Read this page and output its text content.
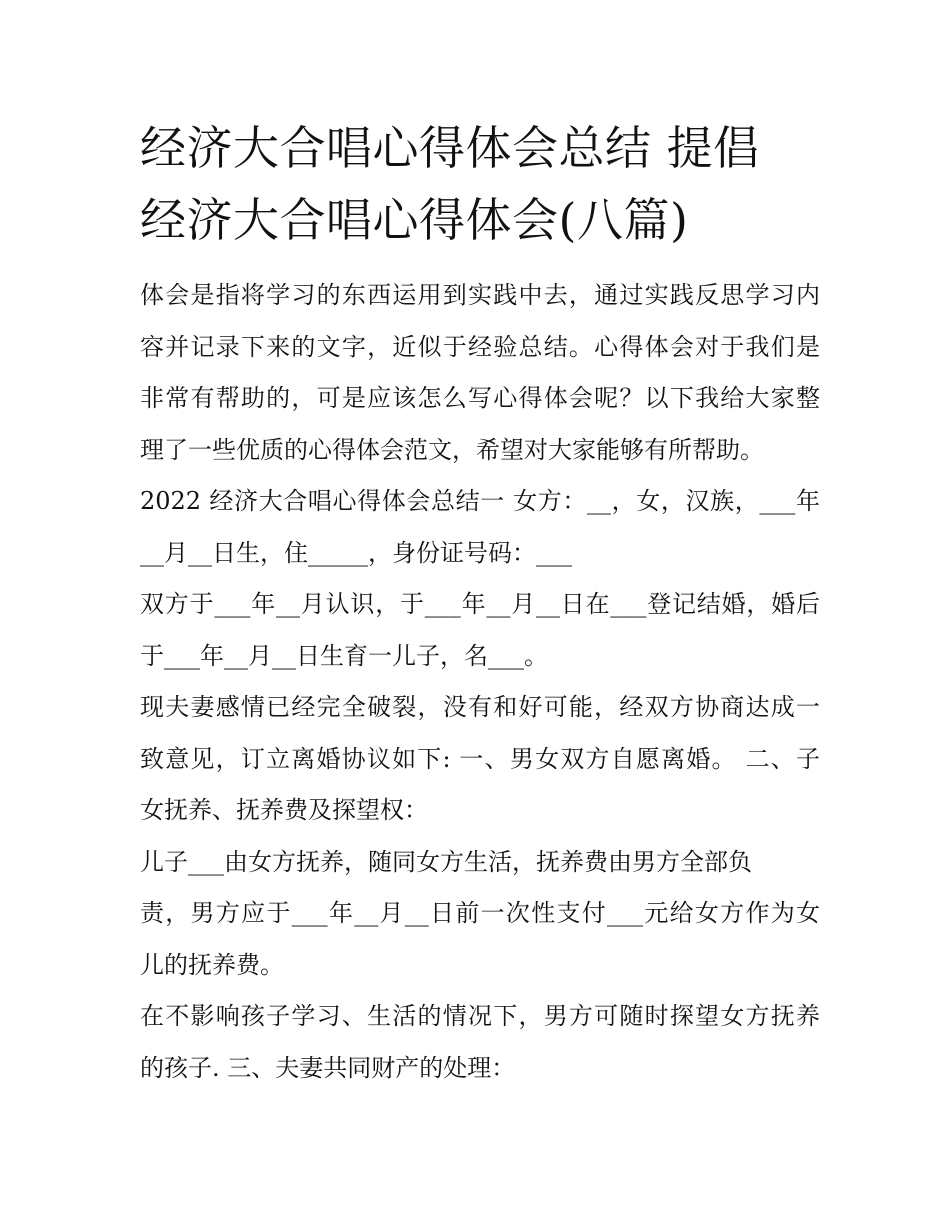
经济大合唱心得体会总结 提倡
经济大合唱心得体会(八篇)
体会是指将学习的东西运用到实践中去，通过实践反思学习内
容并记录下来的文字，近似于经验总结。心得体会对于我们是
非常有帮助的，可是应该怎么写心得体会呢？以下我给大家整
理了一些优质的心得体会范文，希望对大家能够有所帮助。
2022 经济大合唱心得体会总结一 女方：__，女，汉族，___年
__月__日生，住_____，身份证号码：___
双方于___年__月认识，于___年__月__日在___登记结婚，婚后
于___年__月__日生育一儿子，名___。
现夫妻感情已经完全破裂，没有和好可能，经双方协商达成一
致意见，订立离婚协议如下: 一、男女双方自愿离婚。 二、子
女抚养、抚养费及探望权：
儿子___由女方抚养，随同女方生活，抚养费由男方全部负
责，男方应于___年__月__日前一次性支付___元给女方作为女
儿的抚养费。
在不影响孩子学习、生活的情况下，男方可随时探望女方抚养
的孩子. 三、夫妻共同财产的处理：
